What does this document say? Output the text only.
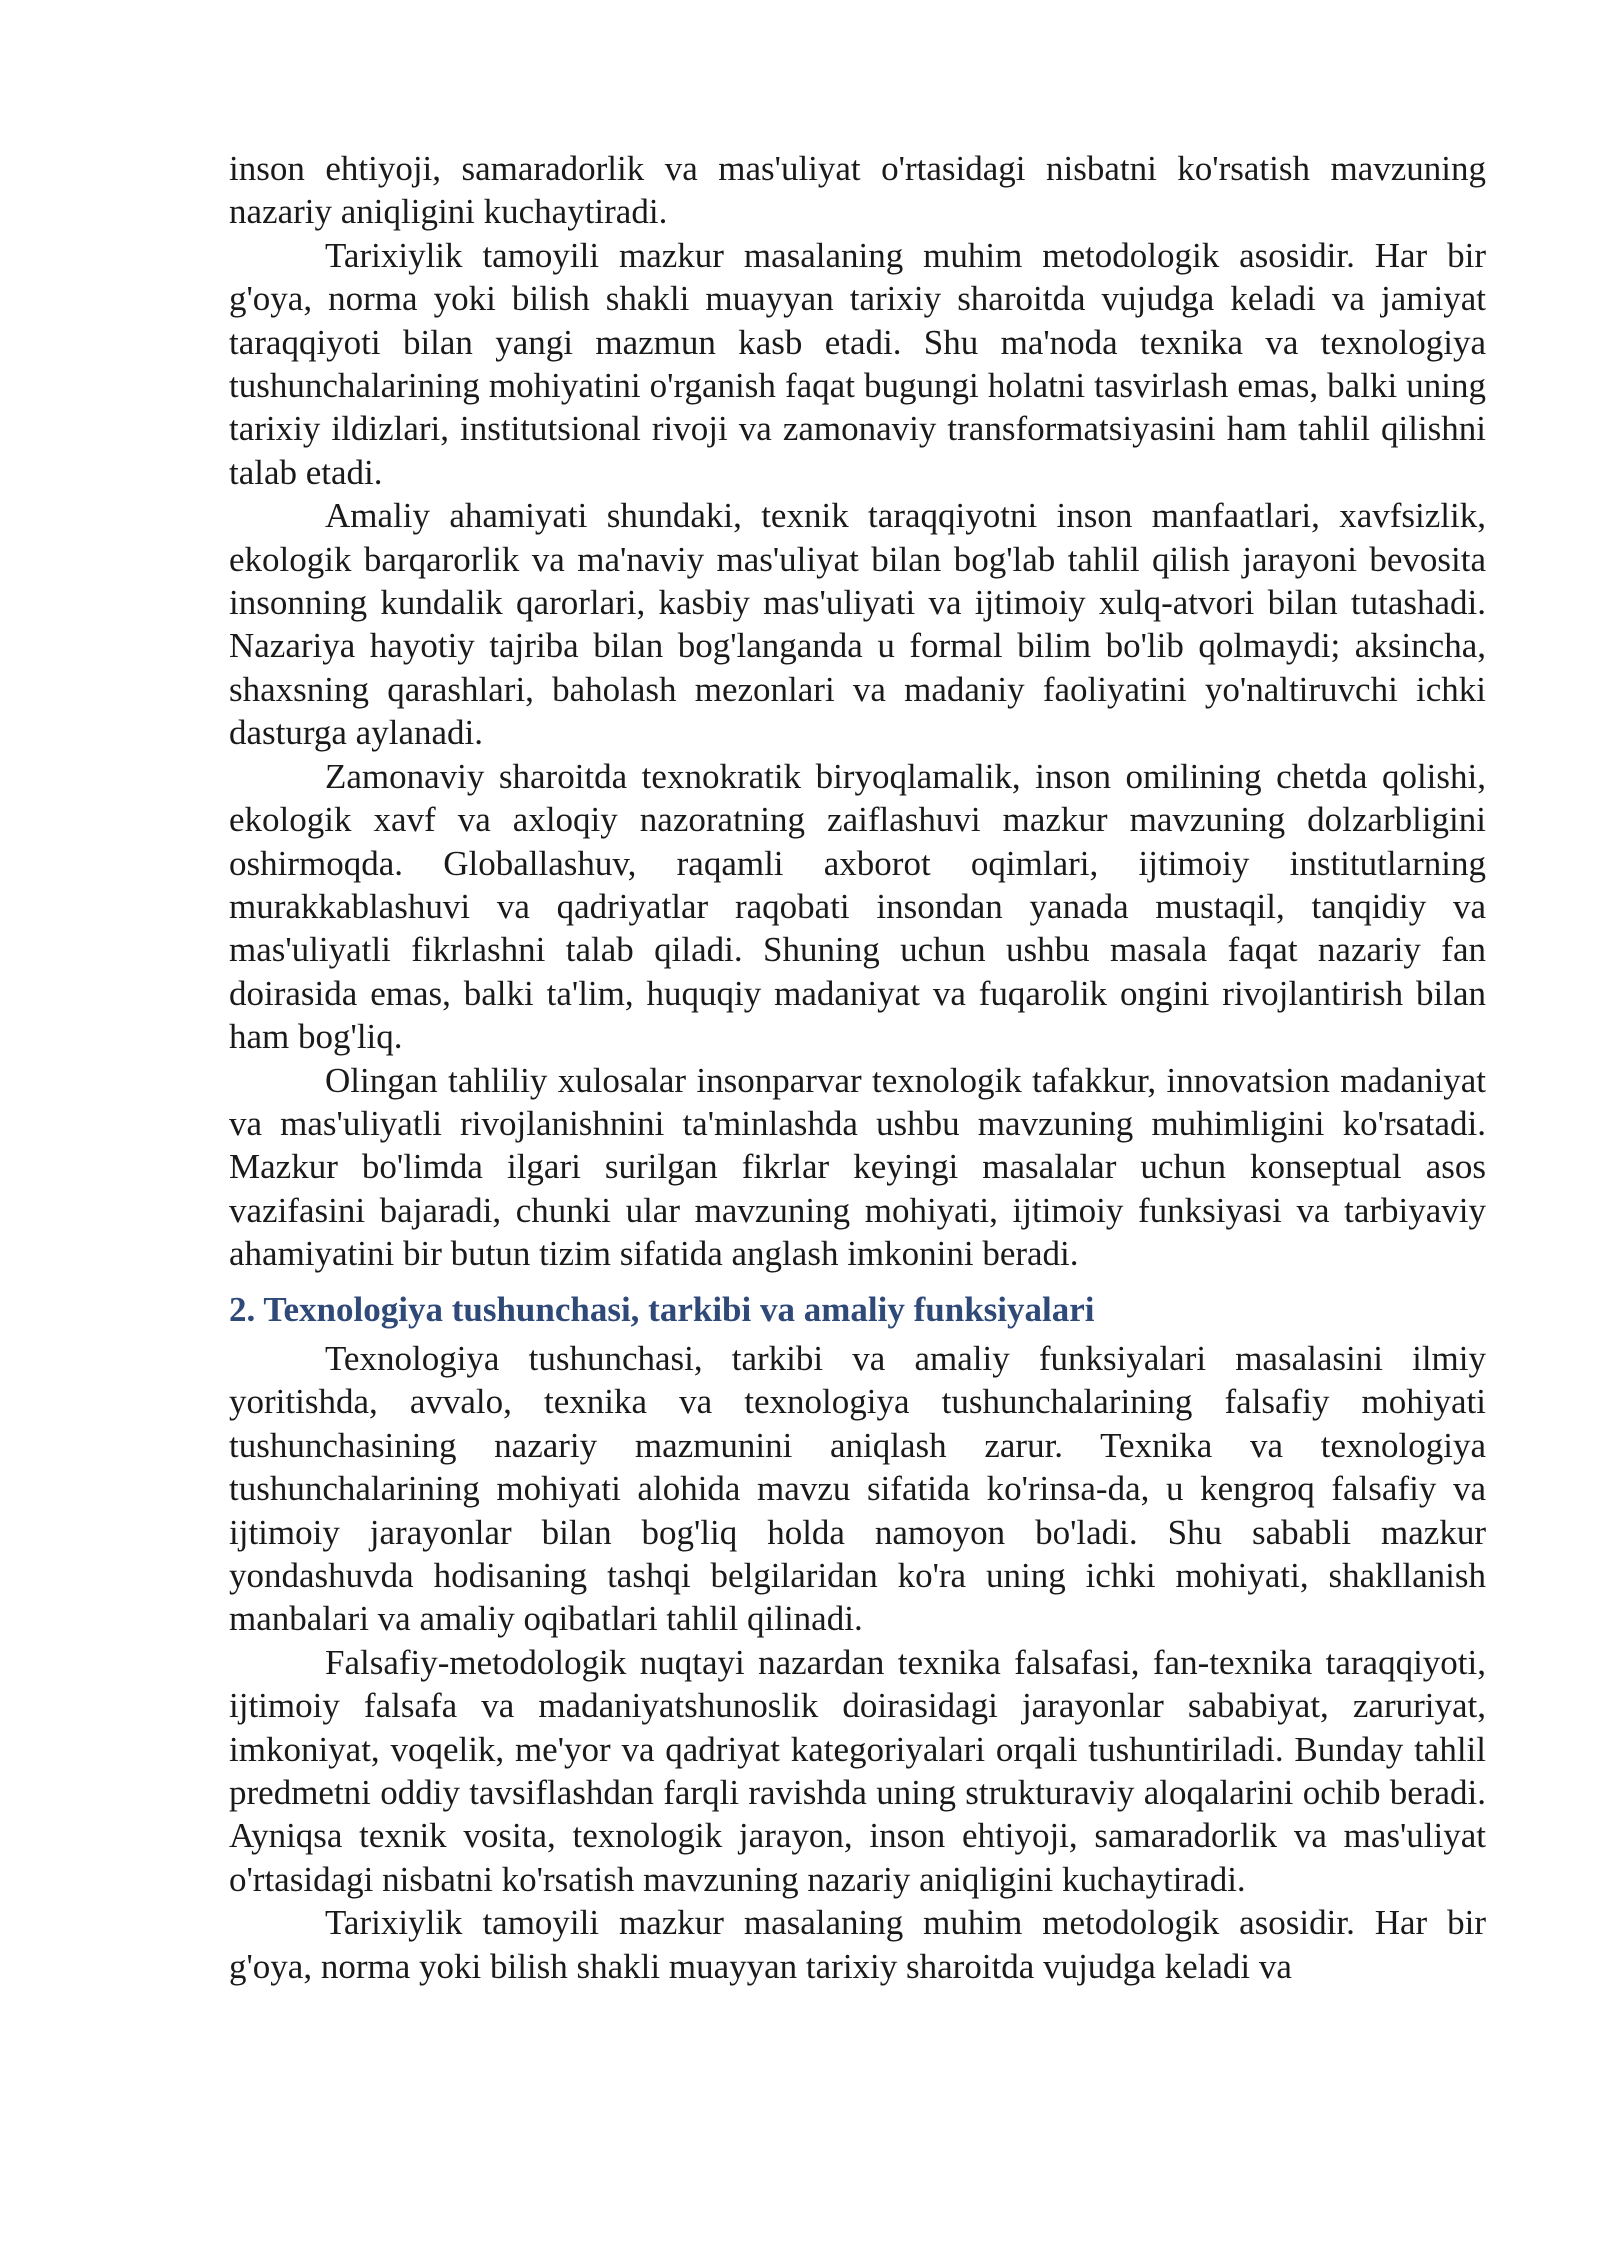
inson ehtiyoji, samaradorlik va mas'uliyat o'rtasidagi nisbatni ko'rsatish mavzuning nazariy aniqligini kuchaytiradi.

Tarixiylik tamoyili mazkur masalaning muhim metodologik asosidir. Har bir g'oya, norma yoki bilish shakli muayyan tarixiy sharoitda vujudga keladi va jamiyat taraqqiyoti bilan yangi mazmun kasb etadi. Shu ma'noda texnika va texnologiya tushunchalarining mohiyatini o'rganish faqat bugungi holatni tasvirlash emas, balki uning tarixiy ildizlari, institutsional rivoji va zamonaviy transformatsiyasini ham tahlil qilishni talab etadi.

Amaliy ahamiyati shundaki, texnik taraqqiyotni inson manfaatlari, xavfsizlik, ekologik barqarorlik va ma'naviy mas'uliyat bilan bog'lab tahlil qilish jarayoni bevosita insonning kundalik qarorlari, kasbiy mas'uliyati va ijtimoiy xulq-atvori bilan tutashadi. Nazariya hayotiy tajriba bilan bog'langanda u formal bilim bo'lib qolmaydi; aksincha, shaxsning qarashlari, baholash mezonlari va madaniy faoliyatini yo'naltiruvchi ichki dasturga aylanadi.

Zamonaviy sharoitda texnokratik biryoqlamalik, inson omilining chetda qolishi, ekologik xavf va axloqiy nazoratning zaiflashuvi mazkur mavzuning dolzarbligini oshirmoqda. Globallashuv, raqamli axborot oqimlari, ijtimoiy institutlarning murakkablashuvi va qadriyatlar raqobati insondan yanada mustaqil, tanqidiy va mas'uliyatli fikrlashni talab qiladi. Shuning uchun ushbu masala faqat nazariy fan doirasida emas, balki ta'lim, huquqiy madaniyat va fuqarolik ongini rivojlantirish bilan ham bog'liq.

Olingan tahliliy xulosalar insonparvar texnologik tafakkur, innovatsion madaniyat va mas'uliyatli rivojlanishnini ta'minlashda ushbu mavzuning muhimligini ko'rsatadi. Mazkur bo'limda ilgari surilgan fikrlar keyingi masalalar uchun konseptual asos vazifasini bajaradi, chunki ular mavzuning mohiyati, ijtimoiy funksiyasi va tarbiyaviy ahamiyatini bir butun tizim sifatida anglash imkonini beradi.

2. Texnologiya tushunchasi, tarkibi va amaliy funksiyalari

Texnologiya tushunchasi, tarkibi va amaliy funksiyalari masalasini ilmiy yoritishda, avvalo, texnika va texnologiya tushunchalarining falsafiy mohiyati tushunchasining nazariy mazmunini aniqlash zarur. Texnika va texnologiya tushunchalarining mohiyati alohida mavzu sifatida ko'rinsa-da, u kengroq falsafiy va ijtimoiy jarayonlar bilan bog'liq holda namoyon bo'ladi. Shu sababli mazkur yondashuvda hodisaning tashqi belgilaridan ko'ra uning ichki mohiyati, shakllanish manbalari va amaliy oqibatlari tahlil qilinadi.

Falsafiy-metodologik nuqtayi nazardan texnika falsafasi, fan-texnika taraqqiyoti, ijtimoiy falsafa va madaniyatshunoslik doirasidagi jarayonlar sababiyat, zaruriyat, imkoniyat, voqelik, me'yor va qadriyat kategoriyalari orqali tushuntiriladi. Bunday tahlil predmetni oddiy tavsiflashdan farqli ravishda uning strukturaviy aloqalarini ochib beradi. Ayniqsa texnik vosita, texnologik jarayon, inson ehtiyoji, samaradorlik va mas'uliyat o'rtasidagi nisbatni ko'rsatish mavzuning nazariy aniqligini kuchaytiradi.

Tarixiylik tamoyili mazkur masalaning muhim metodologik asosidir. Har bir g'oya, norma yoki bilish shakli muayyan tarixiy sharoitda vujudga keladi va
